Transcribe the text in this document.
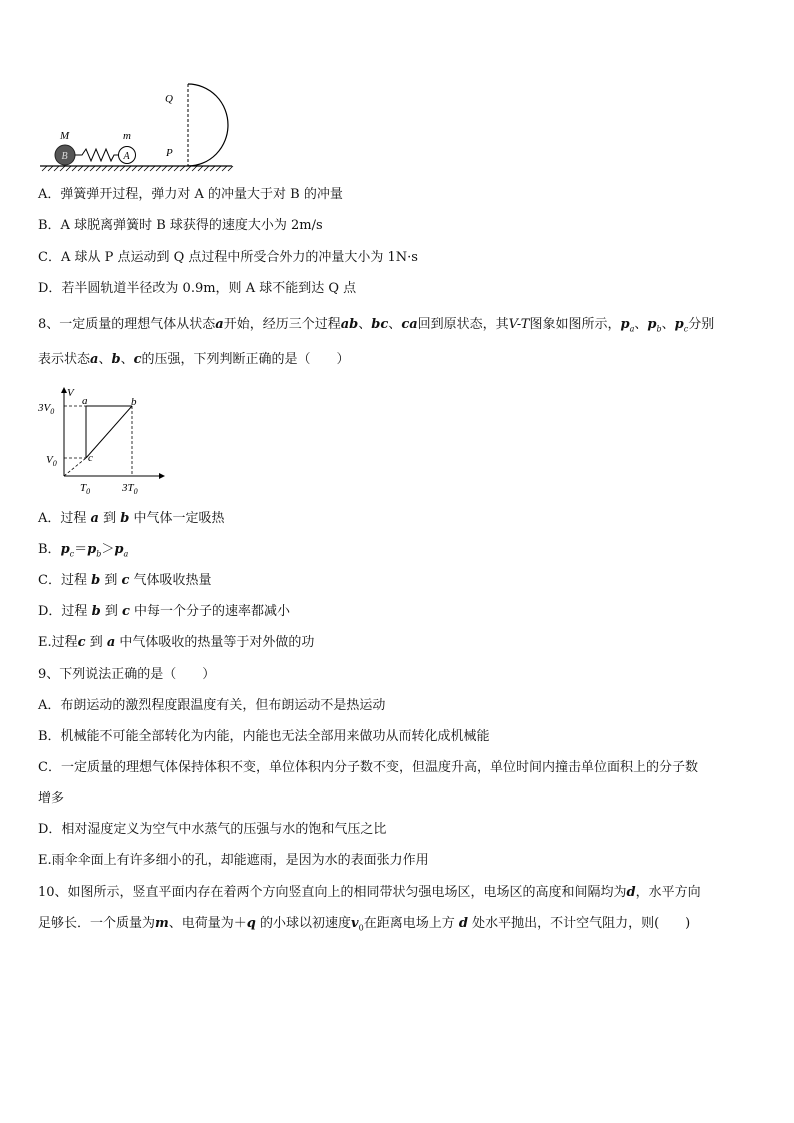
B	A
M	m
Q
P
A．弹簧弹开过程，弹力对 A 的冲量大于对 B 的冲量
B．A 球脱离弹簧时 B 球获得的速度大小为 2m/s
C．A 球从 P 点运动到 Q 点过程中所受合外力的冲量大小为 1N·s
D．若半圆轨道半径改为 0.9m，则 A 球不能到达 Q 点
8、一定质量的理想气体从状态a开始，经历三个过程ab、bc、ca回到原状态，其V-T图象如图所示，$p_a$、$p_b$、$p_c$分别
表示状态a、b、c的压强，下列判断正确的是（　　）
V
$3V_0$
$V_0$
$T_0$	$3T_0$
a	b
c
A．过程 a 到 b 中气体一定吸热
B．$p_c=p_b>p_a$
C．过程 b 到 c 气体吸收热量
D．过程 b 到 c 中每一个分子的速率都减小
E.过程c 到 a 中气体吸收的热量等于对外做的功
9、下列说法正确的是（　　）
A．布朗运动的激烈程度跟温度有关，但布朗运动不是热运动
B．机械能不可能全部转化为内能，内能也无法全部用来做功从而转化成机械能
C．一定质量的理想气体保持体积不变，单位体积内分子数不变，但温度升高，单位时间内撞击单位面积上的分子数
增多
D．相对湿度定义为空气中水蒸气的压强与水的饱和气压之比
E.雨伞伞面上有许多细小的孔，却能遮雨，是因为水的表面张力作用
10、如图所示，竖直平面内存在着两个方向竖直向上的相同带状匀强电场区，电场区的高度和间隔均为d，水平方向
足够长．一个质量为m、电荷量为＋q 的小球以初速度$v_0$在距离电场上方 d 处水平抛出，不计空气阻力，则(　　)
